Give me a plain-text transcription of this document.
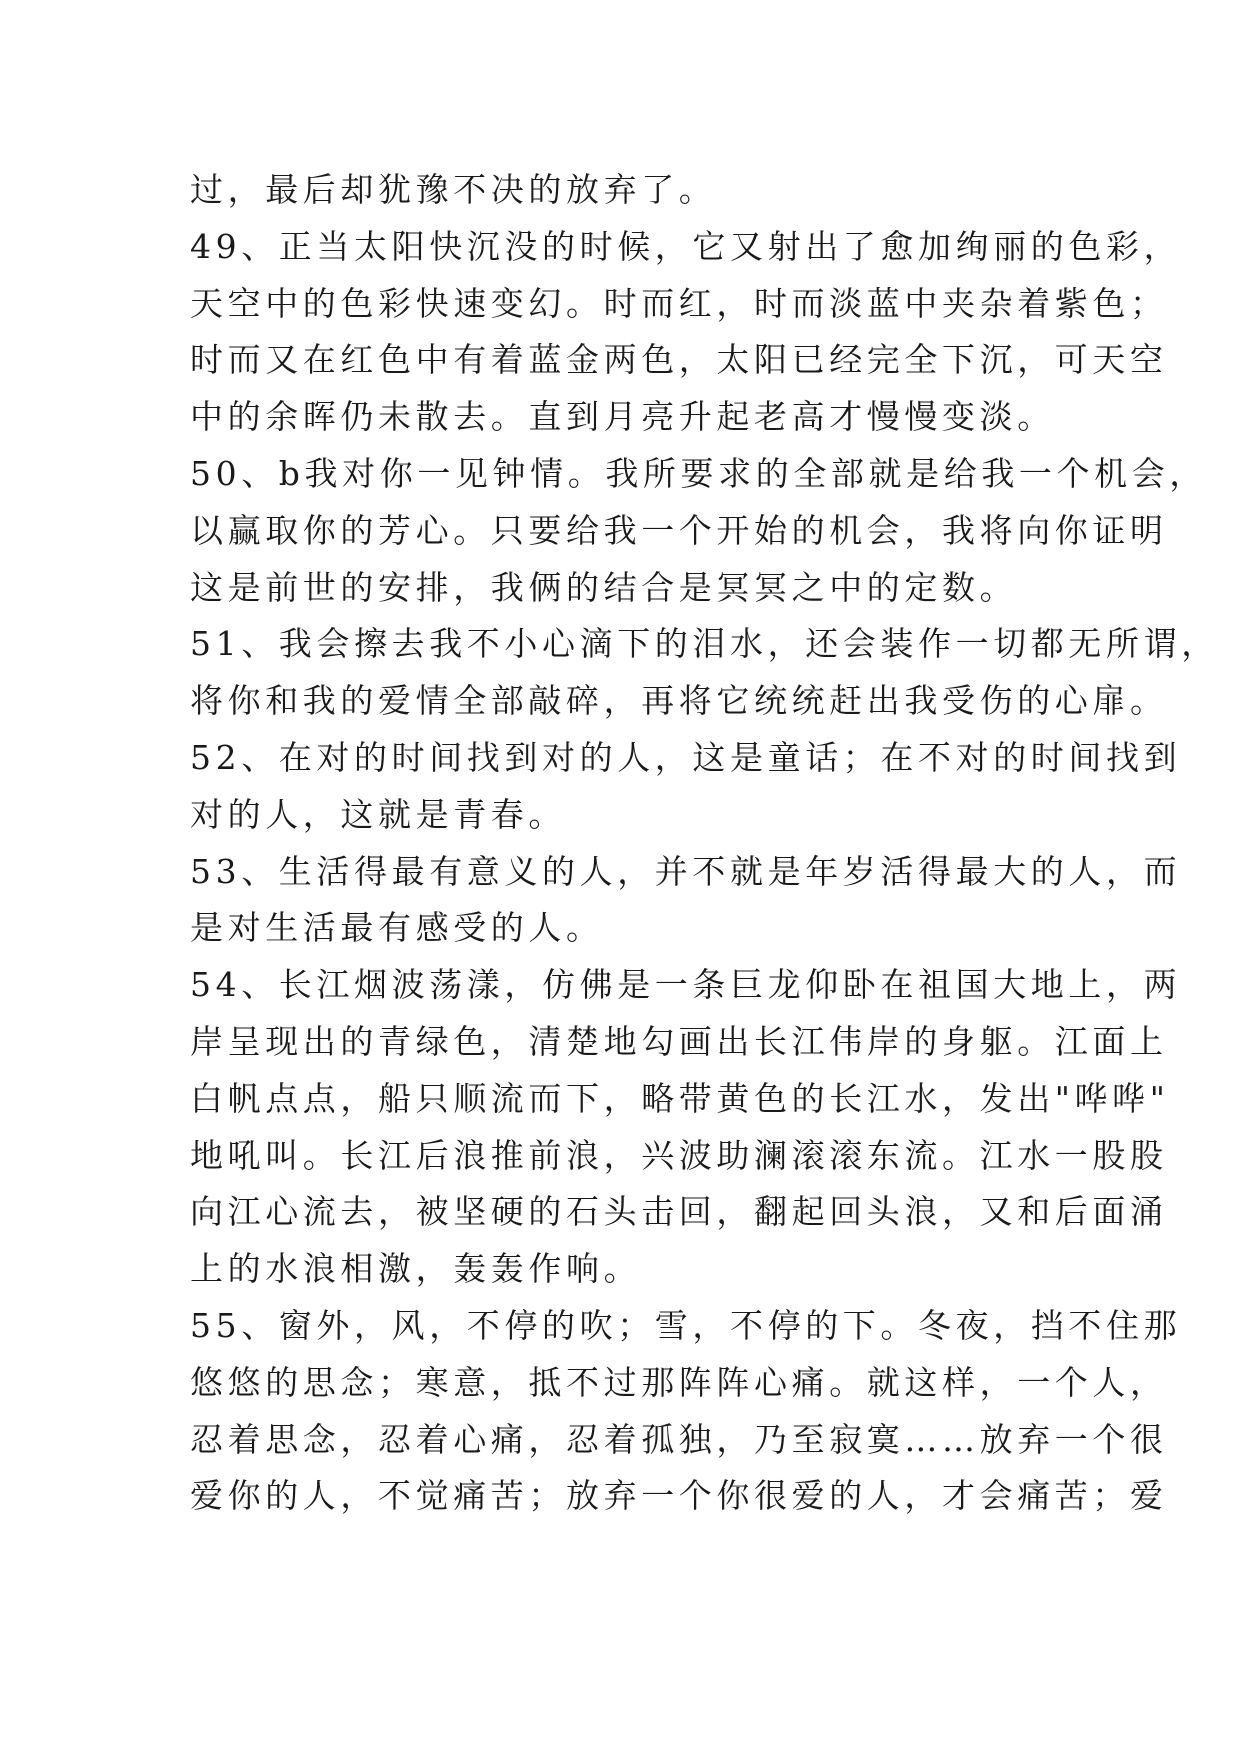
过，最后却犹豫不决的放弃了。
49、正当太阳快沉没的时候，它又射出了愈加绚丽的色彩，
天空中的色彩快速变幻。时而红，时而淡蓝中夹杂着紫色；
时而又在红色中有着蓝金两色，太阳已经完全下沉，可天空
中的余晖仍未散去。直到月亮升起老高才慢慢变淡。
50、b我对你一见钟情。我所要求的全部就是给我一个机会，
以赢取你的芳心。只要给我一个开始的机会，我将向你证明
这是前世的安排，我俩的结合是冥冥之中的定数。
51、我会擦去我不小心滴下的泪水，还会装作一切都无所谓，
将你和我的爱情全部敲碎，再将它统统赶出我受伤的心扉。
52、在对的时间找到对的人，这是童话；在不对的时间找到
对的人，这就是青春。
53、生活得最有意义的人，并不就是年岁活得最大的人，而
是对生活最有感受的人。
54、长江烟波荡漾，仿佛是一条巨龙仰卧在祖国大地上，两
岸呈现出的青绿色，清楚地勾画出长江伟岸的身躯。江面上
白帆点点，船只顺流而下，略带黄色的长江水，发出"哗哗"
地吼叫。长江后浪推前浪，兴波助澜滚滚东流。江水一股股
向江心流去，被坚硬的石头击回，翻起回头浪，又和后面涌
上的水浪相激，轰轰作响。
55、窗外，风，不停的吹；雪，不停的下。冬夜，挡不住那
悠悠的思念；寒意，抵不过那阵阵心痛。就这样，一个人，
忍着思念，忍着心痛，忍着孤独，乃至寂寞……放弃一个很
爱你的人，不觉痛苦；放弃一个你很爱的人，才会痛苦；爱
